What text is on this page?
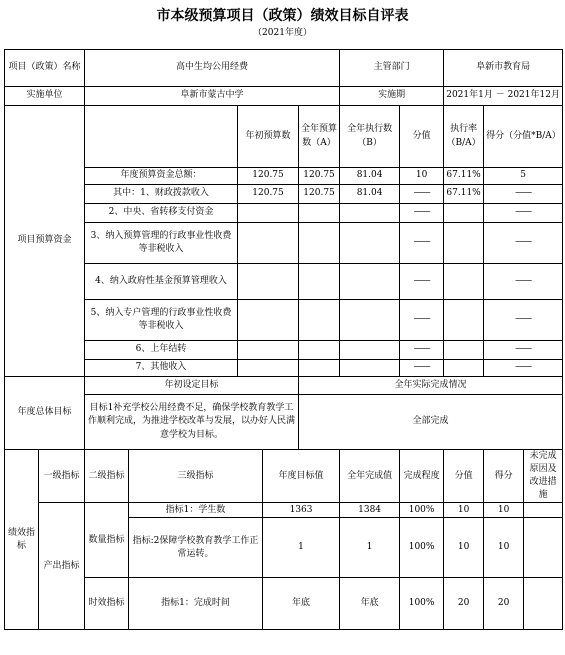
市本级预算项目（政策）绩效目标自评表
（2021年度）
项目（政策）名称		高中生均公用经费					主管部门		阜新市教育局		
实施单位		阜新市蒙古中学					实施期		2021年1月 － 2021年12月		
项目预算资金				年初预算数		全年预算数（A）	全年执行数（B）	分值	执行率（B/A）	得分（分值*B/A）	
		年度预算资金总额：		120.75		120.75	81.04	10	67.11%	5	
		其中：1、财政拨款收入		120.75		120.75	81.04	——	67.11%	——	
		2、中央、省转移支付资金						——		——	
		3、纳入预算管理的行政事业性收费等非税收入						——		——	
		4、纳入政府性基金预算管理收入						——		——	
		5、纳入专户管理的行政事业性收费等非税收入						——		——	
		6、上年结转						——		——	
		7、其他收入						——		——	
年度总体目标		年初设定目标				全年实际完成情况					
		目标1补充学校公用经费不足，确保学校教育教学工作顺利完成，为推进学校改革与发展，以办好人民满意学校为目标。				全部完成					
绩效指标	一级指标	二级指标	三级指标		年度目标值		全年完成值	完成程度	分值	得分	未完成原因及改进措施
	产出指标	数量指标	指标1：学生数		1363		1384	100%	10	10	
			指标:2保障学校教育教学工作正常运转。		1		1	100%	10	10	
		时效指标	指标1：完成时间		年底		年底	100%	20	20	
